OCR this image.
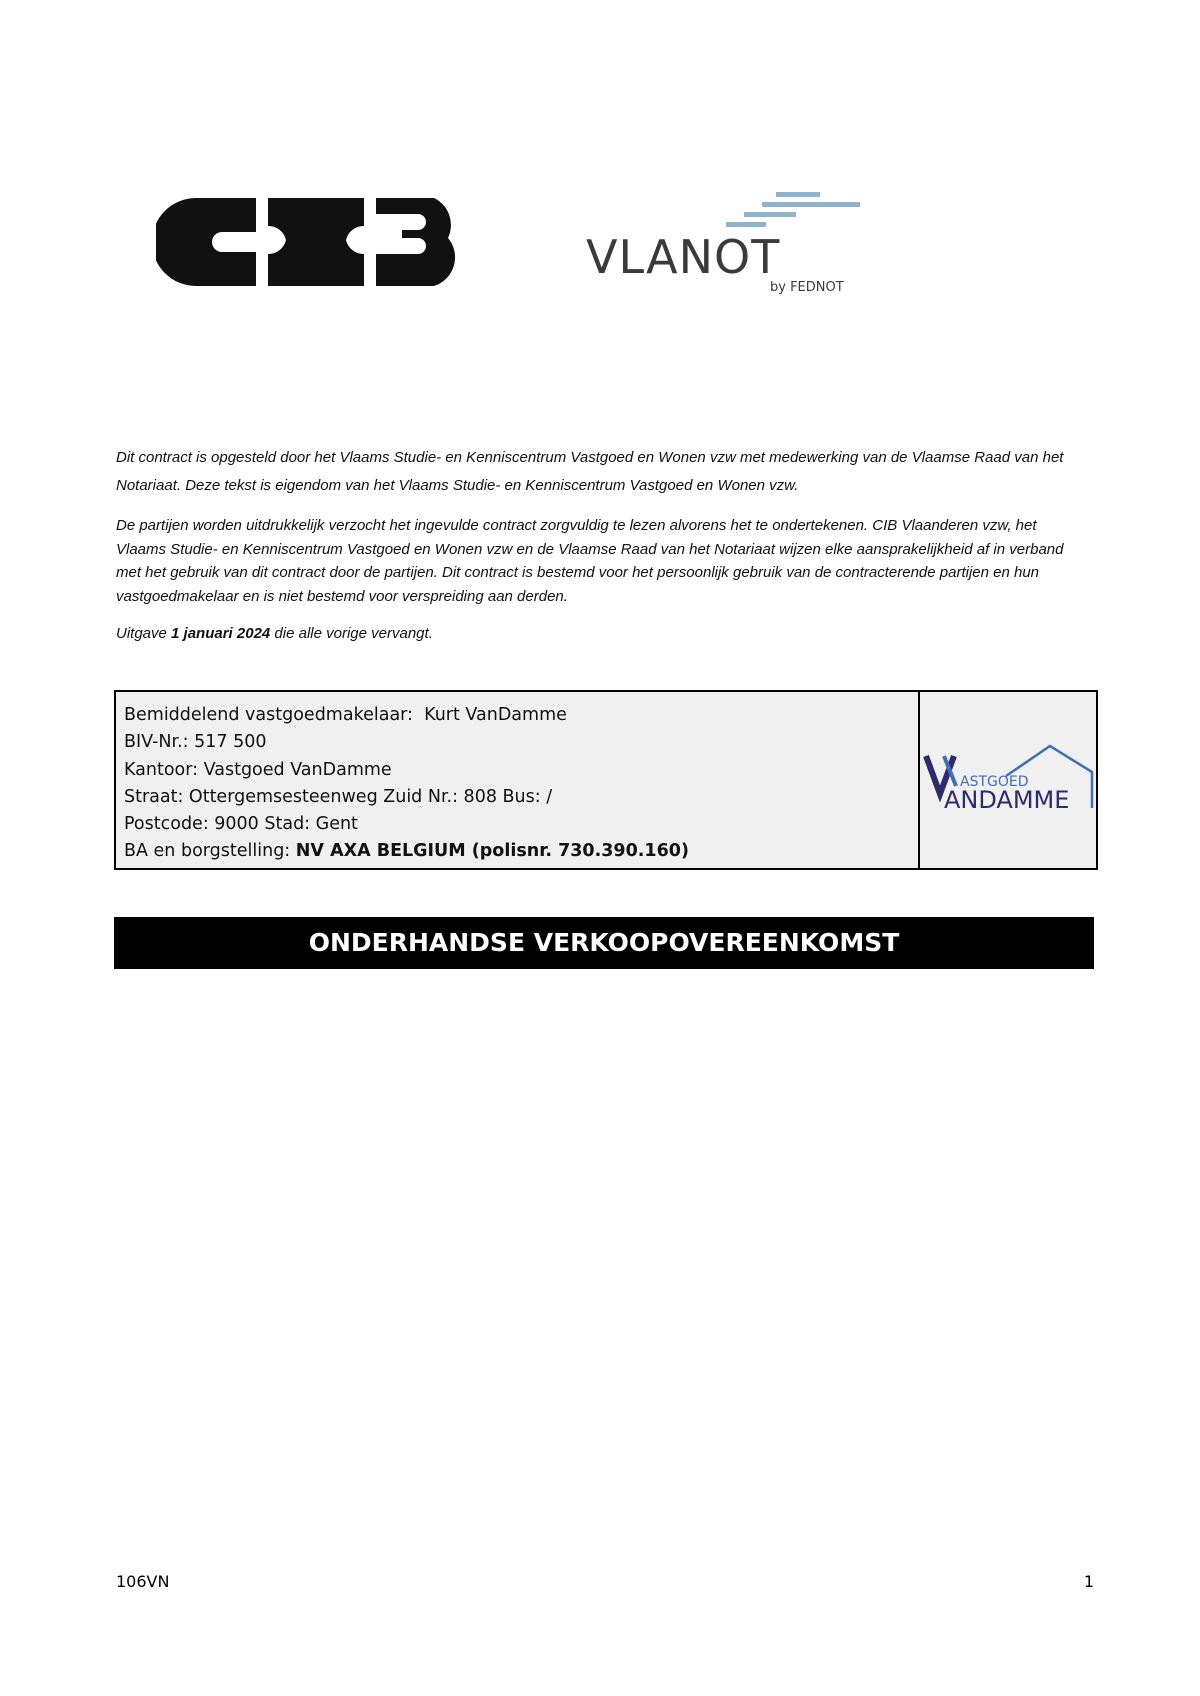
VLANOT
by FEDNOT
Dit contract is opgesteld door het Vlaams Studie- en Kenniscentrum Vastgoed en Wonen vzw met medewerking van de Vlaamse Raad van het Notariaat. Deze tekst is eigendom van het Vlaams Studie- en Kenniscentrum Vastgoed en Wonen vzw.
De partijen worden uitdrukkelijk verzocht het ingevulde contract zorgvuldig te lezen alvorens het te ondertekenen. CIB Vlaanderen vzw, het Vlaams Studie- en Kenniscentrum Vastgoed en Wonen vzw en de Vlaamse Raad van het Notariaat wijzen elke aansprakelijkheid af in verband met het gebruik van dit contract door de partijen. Dit contract is bestemd voor het persoonlijk gebruik van de contracterende partijen en hun vastgoedmakelaar en is niet bestemd voor verspreiding aan derden.
Uitgave 1 januari 2024 die alle vorige vervangt.
Bemiddelend vastgoedmakelaar: Kurt VanDamme
BIV-Nr.: 517 500
Kantoor: Vastgoed VanDamme
Straat: Ottergemsesteenweg Zuid Nr.: 808 Bus: /
Postcode: 9000 Stad: Gent
BA en borgstelling: NV AXA BELGIUM (polisnr. 730.390.160)
ASTGOED
ANDAMME
ONDERHANDSE VERKOOPOVEREENKOMST
106VN	1
